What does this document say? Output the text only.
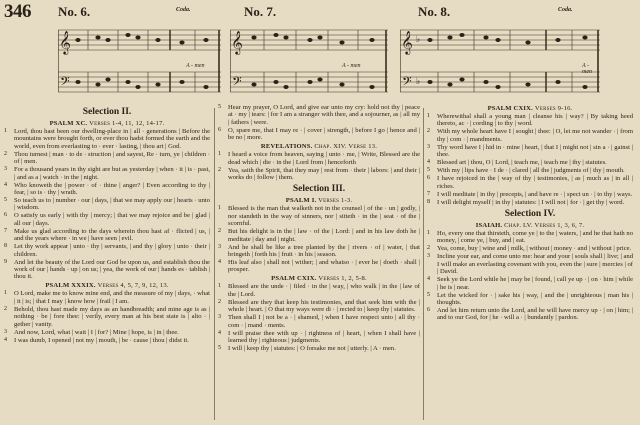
346 No. 6.	Coda.
𝄞
𝄢
A - men
No. 7.
𝄞
𝄢
A - men
No. 8.	Coda.
𝄞
𝄢
♭
♭
A - men
Selection II.
PSALM XC. Verses 1-4, 11, 12, 14-17.
1 Lord, thou hast been our dwelling-place in | all · generations | Before the mountains were brought forth, or ever thou hadst formed the earth and the world, even from everlasting to · ever · lasting, | thou art | God.
2 Thou turnest | man · to de · struction | and sayest, Re · turn, ye | children · of | men.
3 For a thousand years in thy sight are but as yesterday | when · it | is · past, | and as a | watch · in the | night.
4 Who knoweth the | power · of · thine | anger? | Even according to thy | fear, | so is · thy | wrath.
5 So teach us to | number · our | days, | that we may apply our | hearts · unto | wisdom.
6 O satisfy us early | with thy | mercy; | that we may rejoice and be | glad | all our | days.
7 Make us glad according to the days wherein thou hast af · flicted | us, | and the years where · in we | have seen | evil.
8 Let thy work appear | unto · thy | servants, | and thy | glory | unto · their | children.
9 And let the beauty of the Lord our God be upon us, and establish thou the work of our | hands · up | on us; | yea, the work of our | hands es · tablish | thou it.
PSALM XXXIX. Verses 4, 5, 7, 9, 12, 13.
1 O Lord, make me to know mine end, and the measure of my | days, · what | it | is; | that I may | know how | frail | I am.
2 Behold, thou hast made my days as an handbreadth; and mine age is as | nothing · be | fore thee: | verily, every man at his best state is | alto · | gether | vanity.
3 And now, Lord, what | wait | I | for? | Mine | hope, is | in | thee.
4 I was dumb, I opened | not my | mouth, | be · cause | thou | didst it.
5 Hear my prayer, O Lord, and give ear unto my cry: hold not thy | peace at · my | tears: | for I am a stranger with thee, and a sojourner, as | all my | fathers | were.
6 O, spare me, that I may re · | cover | strength, | before I go | hence and | be no | more.
REVELATIONS. Chap. XIV. Verse 13.
1 I heard a voice from heaven, saying | unto · me, | Write, Blessed are the dead which | die · in the | Lord from | henceforth
2 Yea, saith the Spirit, that they may | rest from · their | labors: | and their | works do | follow | them.
Selection III.
PSALM I. Verses 1-3.
1 Blessed is the man that walketh not in the counsel | of the · un | godly, | nor standeth in the way of sinners, nor | sitteth · in the | seat · of the | scornful.
2 But his delight is in the | law · of the | Lord: | and in his law doth he | meditate | day and | night.
3 And he shall be like a tree planted by the | rivers · of | water, | that bringeth | forth his | fruit · in his | season.
4 His leaf also | shall not | wither; | and whatso · | ever he | doeth · shall | prosper.
PSALM CXIX. Verses 1, 2, 5-8.
1 Blessed are the unde · | filed · in the | way, | who walk | in the | law of the | Lord.
2 Blessed are they that keep his testimonies, and that seek him with the | whole | heart. | O that my ways were di · | rected to | keep thy | statutes.
3 Then shall I | not be a · | shamed, | when I have respect unto | all thy · com · | mand · ments.
4 I will praise thee with up · | rightness of | heart, | when I shall have | learned thy | righteous | judgments.
5 I will | keep thy | statutes: | O forsake me not | utterly. | A · men.
PSALM CXIX. Verses 9-16.
1 Wherewithal shall a young man | cleanse his | way? | By taking heed thereto, ac · | cording | to thy | word.
2 With my whole heart have I | sought | thee: | O, let me not wander · | from thy | com · | mandments.
3 Thy word have I | hid in · mine | heart, | that I | might not | sin a · | gainst | thee.
4 Blessed art | thou, O | Lord, | teach me, | teach me | thy | statutes.
5 With my | lips have · I de · | clared | all the | judgments of | thy | mouth.
6 I have rejoiced in the | way of thy | testimonies, | as | much as | in all | riches.
7 I will meditate | in thy | precepts, | and have re · | spect un · | to thy | ways.
8 I will delight myself | in thy | statutes: | I will not | for · | get thy | word.
Selection IV.
ISAIAH. Chap. LV. Verses 1, 3, 6, 7.
1 Ho, every one that thirsteth, come ye | to the | waters, | and he that hath no money, | come ye, | buy, and | eat.
2 Yea, come, buy | wine and | milk, | without | money · and | without | price.
3 Incline your ear, and come unto me: hear and your | souls shall | live; | and I will make an everlasting covenant with you, even the | sure | mercies | of | David.
4 Seek ye the Lord while he | may be | found, | call ye up · | on · him | while | he is | near.
5 Let the wicked for · | sake his | way, | and the | unrighteous | man his | thoughts.
6 And let him return unto the Lord, and he will have mercy up · | on | him; | and to our God, for | he · will a · | bundantly | pardon.
